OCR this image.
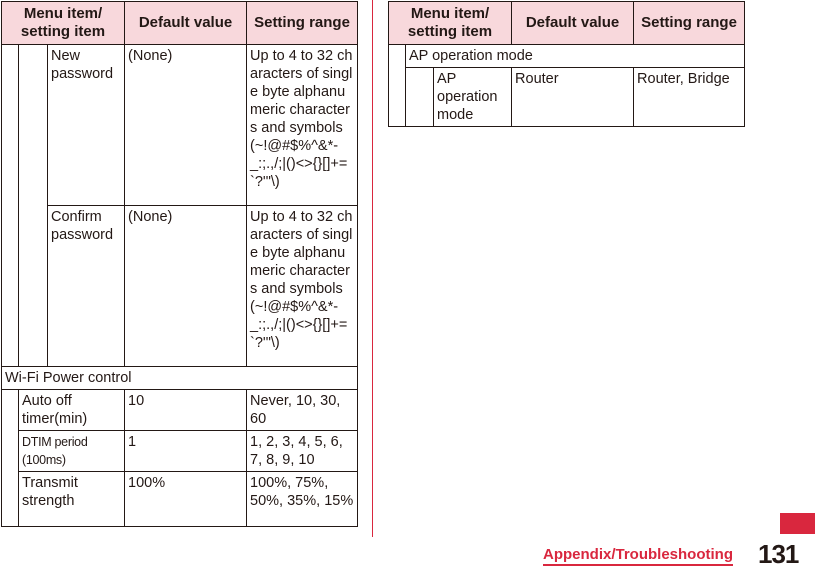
Menu item/ setting item			Default value	Setting range
		New password	(None)	Up to 4 to 32 characters of single byte alphanumeric characters and symbols (~!@#$%^&*-_:;.,/;|()<>{}[]+=`?'"\)
		Confirm password	(None)	Up to 4 to 32 characters of single byte alphanumeric characters and symbols (~!@#$%^&*-_:;.,/;|()<>{}[]+=`?'"\)
Wi-Fi Power control				
	Auto off timer(min)		10	Never, 10, 30, 60
	DTIM period (100ms)		1	1, 2, 3, 4, 5, 6, 7, 8, 9, 10
	Transmit strength		100%	100%, 75%, 50%, 35%, 15%
Menu item/ setting item			Default value	Setting range
	AP operation mode			
		AP operation mode	Router	Router, Bridge
Appendix/Troubleshooting 131
